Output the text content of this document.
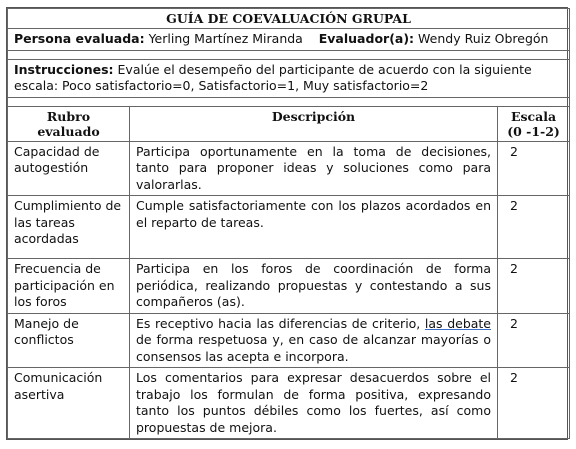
GUÍA DE COEVALUACIÓN GRUPAL		
Persona evaluada: Yerling Martínez Miranda Evaluador(a): Wendy Ruiz Obregón		

Instrucciones: Evalúe el desempeño del participante de acuerdo con la siguiente escala: Poco satisfactorio=0, Satisfactorio=1, Muy satisfactorio=2		

Rubro evaluado	Descripción	Escala (0 -1-2)
Capacidad de autogestión	Participa oportunamente en la toma de decisiones, tanto para proponer ideas y soluciones como para valorarlas.	2
Cumplimiento de las tareas acordadas	Cumple satisfactoriamente con los plazos acordados en el reparto de tareas.	2
Frecuencia de participación en los foros	Participa en los foros de coordinación de forma periódica, realizando propuestas y contestando a sus compañeros (as).	2
Manejo de conflictos	Es receptivo hacia las diferencias de criterio, las debate de forma respetuosa y, en caso de alcanzar mayorías o consensos las acepta e incorpora.	2
Comunicación asertiva	Los comentarios para expresar desacuerdos sobre el trabajo los formulan de forma positiva, expresando tanto los puntos débiles como los fuertes, así como propuestas de mejora.	2
